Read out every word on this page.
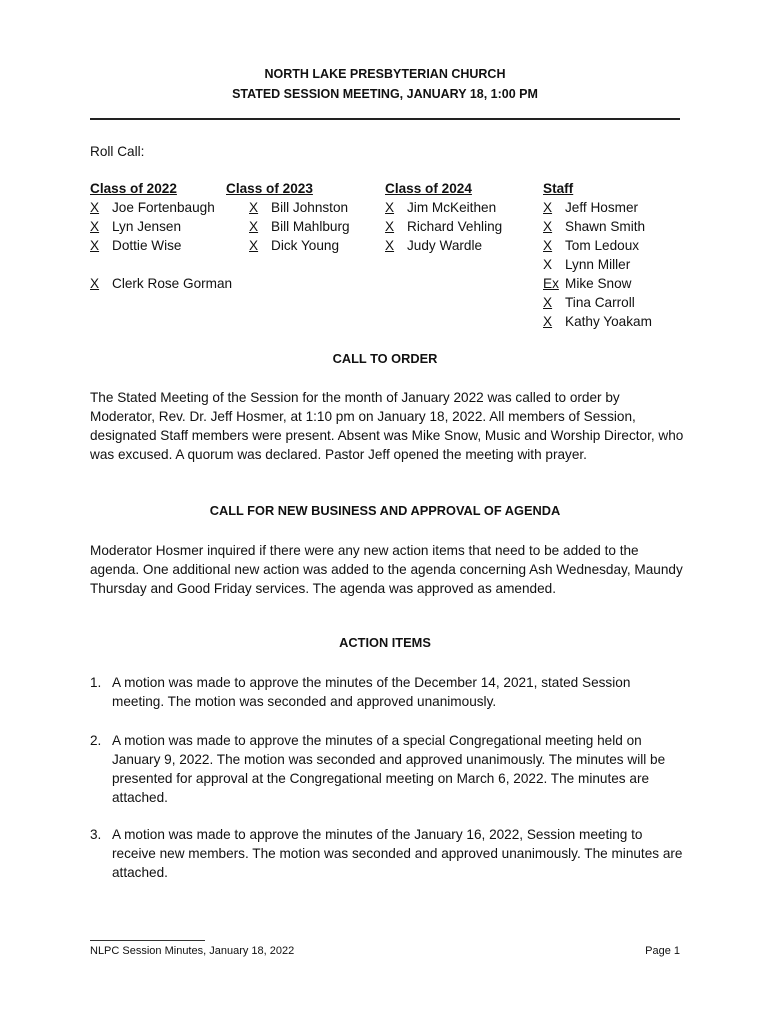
NORTH LAKE PRESBYTERIAN CHURCH
STATED SESSION MEETING, JANUARY 18, 1:00 PM
Roll Call:
Class of 2022
X Joe Fortenbaugh
X Lyn Jensen
X Dottie Wise
X Clerk Rose Gorman
Class of 2023
X Bill Johnston
X Bill Mahlburg
X Dick Young
Class of 2024
X Jim McKeithen
X Richard Vehling
X Judy Wardle
Staff
X Jeff Hosmer
X Shawn Smith
X Tom Ledoux
X Lynn Miller
Ex Mike Snow
X Tina Carroll
X Kathy Yoakam
CALL TO ORDER
The Stated Meeting of the Session for the month of January 2022 was called to order by Moderator, Rev. Dr. Jeff Hosmer, at 1:10 pm on January 18, 2022. All members of Session, designated Staff members were present. Absent was Mike Snow, Music and Worship Director, who was excused. A quorum was declared. Pastor Jeff opened the meeting with prayer.
CALL FOR NEW BUSINESS AND APPROVAL OF AGENDA
Moderator Hosmer inquired if there were any new action items that need to be added to the agenda. One additional new action was added to the agenda concerning Ash Wednesday, Maundy Thursday and Good Friday services. The agenda was approved as amended.
ACTION ITEMS
1. A motion was made to approve the minutes of the December 14, 2021, stated Session meeting. The motion was seconded and approved unanimously.
2. A motion was made to approve the minutes of a special Congregational meeting held on January 9, 2022. The motion was seconded and approved unanimously. The minutes will be presented for approval at the Congregational meeting on March 6, 2022. The minutes are attached.
3. A motion was made to approve the minutes of the January 16, 2022, Session meeting to receive new members. The motion was seconded and approved unanimously. The minutes are attached.
NLPC Session Minutes, January 18, 2022	Page 1
